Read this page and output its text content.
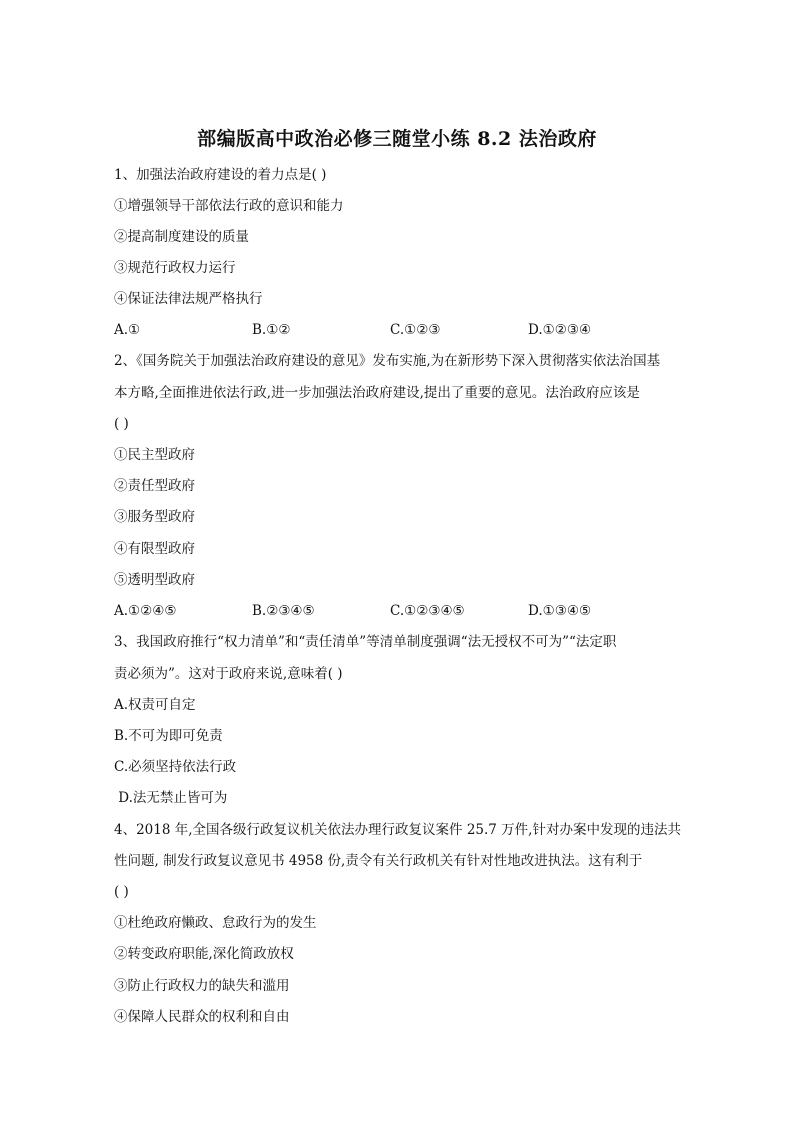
部编版高中政治必修三随堂小练 8.2 法治政府
1、加强法治政府建设的着力点是( )
①增强领导干部依法行政的意识和能力
②提高制度建设的质量
③规范行政权力运行
④保证法律法规严格执行
A.①	B.①②	C.①②③	D.①②③④
2、《国务院关于加强法治政府建设的意见》发布实施,为在新形势下深入贯彻落实依法治国基
本方略,全面推进依法行政,进一步加强法治政府建设,提出了重要的意见。法治政府应该是
( )
①民主型政府
②责任型政府
③服务型政府
④有限型政府
⑤透明型政府
A.①②④⑤	B.②③④⑤	C.①②③④⑤	D.①③④⑤
3、我国政府推行“权力清单”和“责任清单”等清单制度强调“法无授权不可为”“法定职
责必须为”。这对于政府来说,意味着( )
A.权责可自定
B.不可为即可免责
C.必须坚持依法行政
D.法无禁止皆可为
4、2018 年,全国各级行政复议机关依法办理行政复议案件 25.7 万件,针对办案中发现的违法共
性问题, 制发行政复议意见书 4958 份,责令有关行政机关有针对性地改进执法。这有利于
( )
①杜绝政府懒政、怠政行为的发生
②转变政府职能,深化简政放权
③防止行政权力的缺失和滥用
④保障人民群众的权利和自由
